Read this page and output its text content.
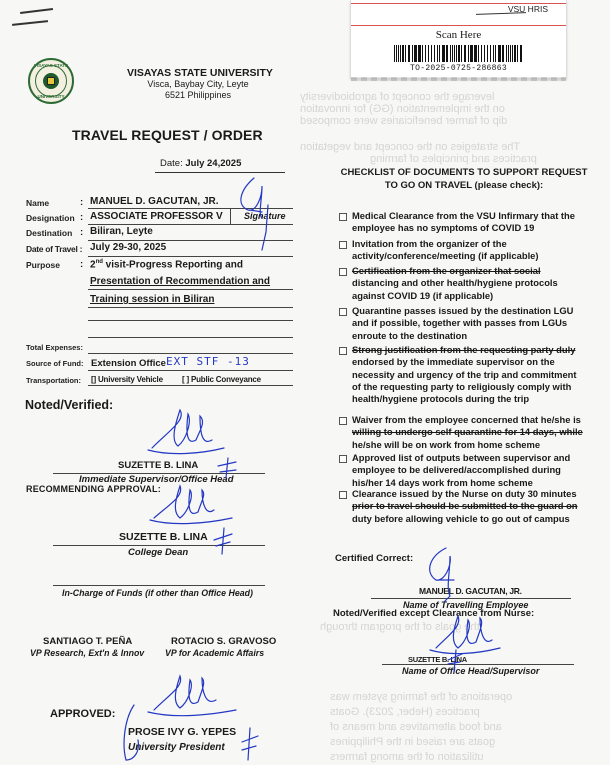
leverage the concept of agrobiodiversity
on the implementation (GG) for innovation
dip of farmer beneficiaries were composed
The strategies on the concept and vegetation
practices and principles of farming
the goals of the program through
operations of the farming system was
practices (Heber, 2023). Goats
and food alternatives and means of
goats are raised in the Philippines
utilization of the among farmers
VSU HRIS
Scan Here
TO-2025-0725-286863
VISAYAS STATE
UNIVERSITY
VISAYAS STATE UNIVERSITY
Visca, Baybay City, Leyte
6521 Philippines
TRAVEL REQUEST / ORDER
Date: July 24,2025
Name	: MANUEL D. GACUTAN, JR.
Designation : ASSOCIATE PROFESSOR V Signature
Destination : Biliran, Leyte
Date of Travel : July 29-30, 2025
Purpose : 2nd visit-Progress Reporting and
Presentation of Recommendation and
Training session in Biliran
Total Expenses:
Source of Fund: Extension Office EXT STF -13
Transportation: [] University Vehicle [ ] Public Conveyance
Noted/Verified:
SUZETTE B. LINA
Immediate Supervisor/Office Head
RECOMMENDING APPROVAL:
SUZETTE B. LINA
College Dean
In-Charge of Funds (if other than Office Head)
SANTIAGO T. PEÑA
VP Research, Ext'n & Innov
ROTACIO S. GRAVOSO
VP for Academic Affairs
APPROVED:
PROSE IVY G. YEPES
University President
CHECKLIST OF DOCUMENTS TO SUPPORT REQUEST
TO GO ON TRAVEL (please check):
Medical Clearance from the VSU Infirmary that the
employee has no symptoms of COVID 19
Invitation from the organizer of the
activity/conference/meeting (if applicable)
Certification from the organizer that social
distancing and other health/hygiene protocols
against COVID 19 (if applicable)
Quarantine passes issued by the destination LGU
and if possible, together with passes from LGUs
enroute to the destination
Strong justification from the requesting party duly
endorsed by the immediate supervisor on the
necessity and urgency of the trip and commitment
of the requesting party to religiously comply with
health/hygiene protocols during the trip
Waiver from the employee concerned that he/she is
willing to undergo self quarantine for 14 days, while
he/she will be on work from home scheme
Approved list of outputs between supervisor and
employee to be delivered/accomplished during
his/her 14 days work from home scheme
Clearance issued by the Nurse on duty 30 minutes
prior to travel should be submitted to the guard on
duty before allowing vehicle to go out of campus
Certified Correct:
MANUEL D. GACUTAN, JR.
Name of Travelling Employee
Noted/Verified except Clearance from Nurse:
SUZETTE B. LINA
Name of Office Head/Supervisor
